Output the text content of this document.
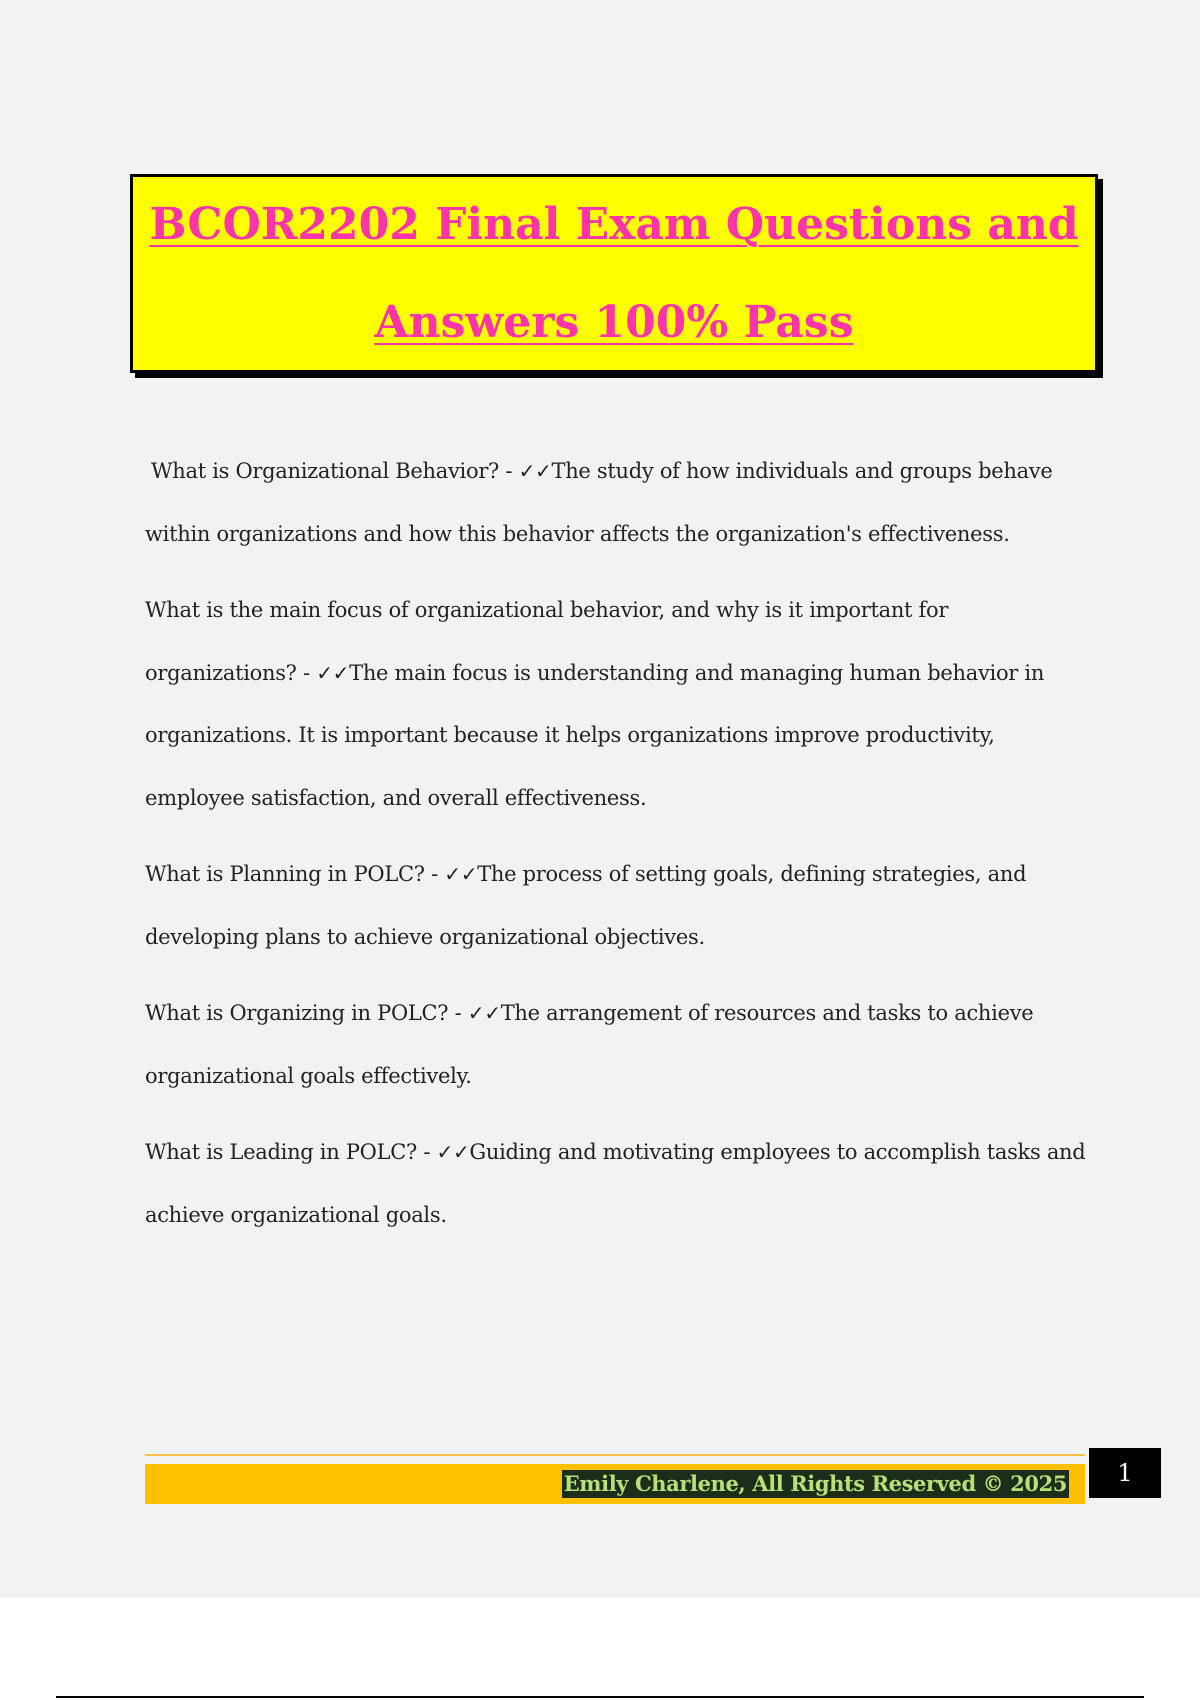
BCOR2202 Final Exam Questions and
Answers 100% Pass

What is Organizational Behavior? - ✓✓The study of how individuals and groups behave within organizations and how this behavior affects the organization's effectiveness.

What is the main focus of organizational behavior, and why is it important for organizations? - ✓✓The main focus is understanding and managing human behavior in organizations. It is important because it helps organizations improve productivity, employee satisfaction, and overall effectiveness.

What is Planning in POLC? - ✓✓The process of setting goals, defining strategies, and developing plans to achieve organizational objectives.

What is Organizing in POLC? - ✓✓The arrangement of resources and tasks to achieve organizational goals effectively.

What is Leading in POLC? - ✓✓Guiding and motivating employees to accomplish tasks and achieve organizational goals.

Emily Charlene, All Rights Reserved © 2025	1
